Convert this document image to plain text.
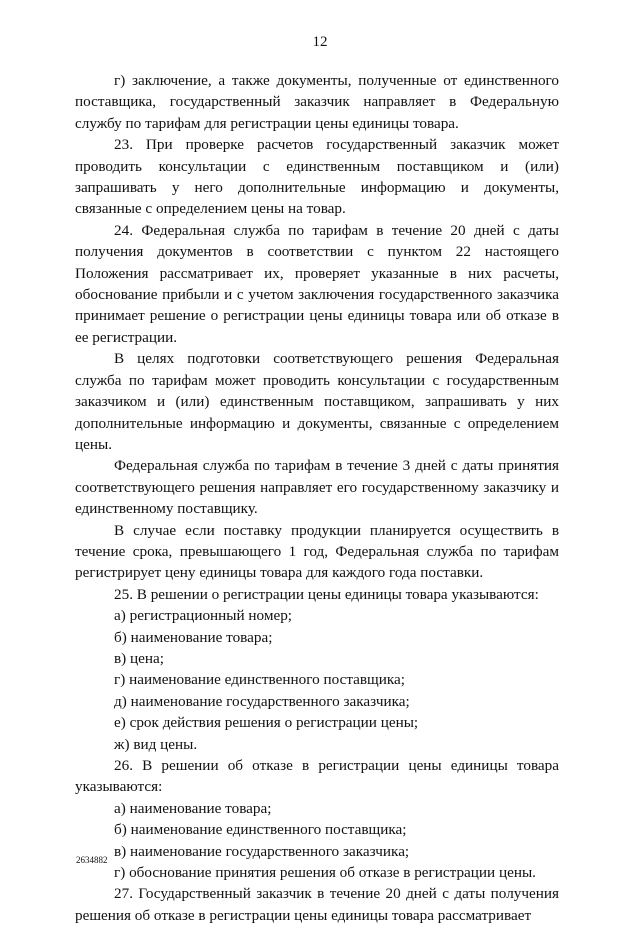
12

г) заключение, а также документы, полученные от единственного поставщика, государственный заказчик направляет в Федеральную службу по тарифам для регистрации цены единицы товара.

23. При проверке расчетов государственный заказчик может проводить консультации с единственным поставщиком и (или) запрашивать у него дополнительные информацию и документы, связанные с определением цены на товар.

24. Федеральная служба по тарифам в течение 20 дней с даты получения документов в соответствии с пунктом 22 настоящего Положения рассматривает их, проверяет указанные в них расчеты, обоснование прибыли и с учетом заключения государственного заказчика принимает решение о регистрации цены единицы товара или об отказе в ее регистрации.

В целях подготовки соответствующего решения Федеральная служба по тарифам может проводить консультации с государственным заказчиком и (или) единственным поставщиком, запрашивать у них дополнительные информацию и документы, связанные с определением цены.

Федеральная служба по тарифам в течение 3 дней с даты принятия соответствующего решения направляет его государственному заказчику и единственному поставщику.

В случае если поставку продукции планируется осуществить в течение срока, превышающего 1 год, Федеральная служба по тарифам регистрирует цену единицы товара для каждого года поставки.

25. В решении о регистрации цены единицы товара указываются:

а) регистрационный номер;

б) наименование товара;

в) цена;

г) наименование единственного поставщика;

д) наименование государственного заказчика;

е) срок действия решения о регистрации цены;

ж) вид цены.

26. В решении об отказе в регистрации цены единицы товара указываются:

а) наименование товара;

б) наименование единственного поставщика;

в) наименование государственного заказчика;

г) обоснование принятия решения об отказе в регистрации цены.

27. Государственный заказчик в течение 20 дней с даты получения решения об отказе в регистрации цены единицы товара рассматривает

2634882
